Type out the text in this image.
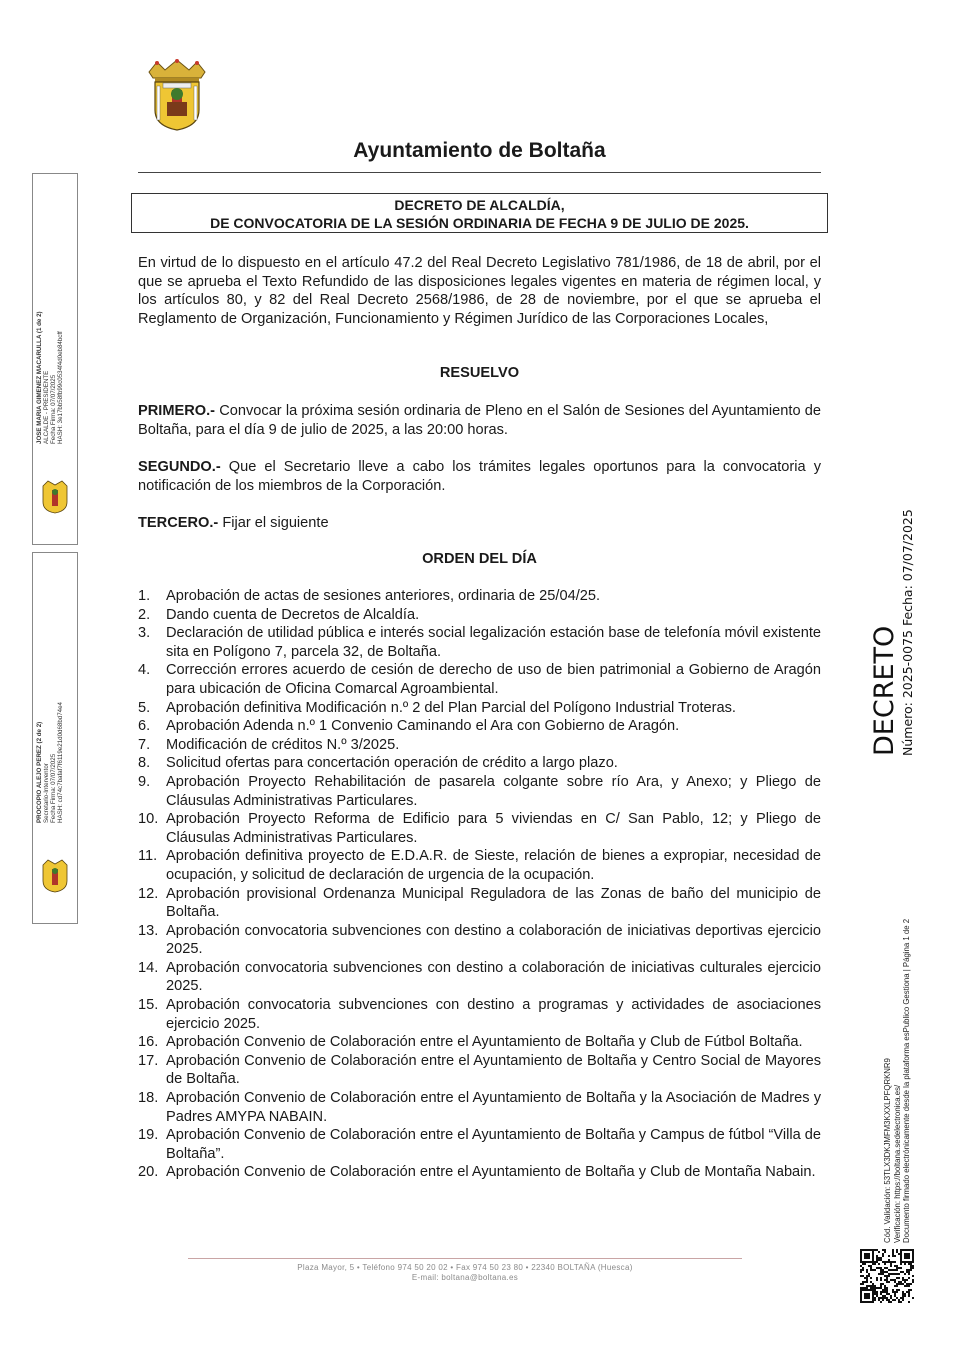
Ayuntamiento de Boltaña
DECRETO DE ALCALDÍA,
DE CONVOCATORIA DE LA SESIÓN ORDINARIA DE FECHA 9 DE JULIO DE 2025.
En virtud de lo dispuesto en el artículo 47.2 del Real Decreto Legislativo 781/1986, de 18 de abril, por el que se aprueba el Texto Refundido de las disposiciones legales vigentes en materia de régimen local, y los artículos 80, y 82 del Real Decreto 2568/1986, de 28 de noviembre, por el que se aprueba el Reglamento de Organización, Funcionamiento y Régimen Jurídico de las Corporaciones Locales,
RESUELVO
PRIMERO.- Convocar la próxima sesión ordinaria de Pleno en el Salón de Sesiones del Ayuntamiento de Boltaña, para el día 9 de julio de 2025, a las 20:00 horas.
SEGUNDO.- Que el Secretario lleve a cabo los trámites legales oportunos para la convocatoria y notificación de los miembros de la Corporación.
TERCERO.- Fijar el siguiente
ORDEN DEL DÍA
1. Aprobación de actas de sesiones anteriores, ordinaria de 25/04/25.
2. Dando cuenta de Decretos de Alcaldía.
3. Declaración de utilidad pública e interés social legalización estación base de telefonía móvil existente sita en Polígono 7, parcela 32, de Boltaña.
4. Corrección errores acuerdo de cesión de derecho de uso de bien patrimonial a Gobierno de Aragón para ubicación de Oficina Comarcal Agroambiental.
5. Aprobación definitiva Modificación n.º 2 del Plan Parcial del Polígono Industrial Troteras.
6. Aprobación Adenda n.º 1 Convenio Caminando el Ara con Gobierno de Aragón.
7. Modificación de créditos N.º 3/2025.
8. Solicitud ofertas para concertación operación de crédito a largo plazo.
9. Aprobación Proyecto Rehabilitación de pasarela colgante sobre río Ara, y Anexo; y Pliego de Cláusulas Administrativas Particulares.
10. Aprobación Proyecto Reforma de Edificio para 5 viviendas en C/ San Pablo, 12; y Pliego de Cláusulas Administrativas Particulares.
11. Aprobación definitiva proyecto de E.D.A.R. de Sieste, relación de bienes a expropiar, necesidad de ocupación, y solicitud de declaración de urgencia de la ocupación.
12. Aprobación provisional Ordenanza Municipal Reguladora de las Zonas de baño del municipio de Boltaña.
13. Aprobación convocatoria subvenciones con destino a colaboración de iniciativas deportivas ejercicio 2025.
14. Aprobación convocatoria subvenciones con destino a colaboración de iniciativas culturales ejercicio 2025.
15. Aprobación convocatoria subvenciones con destino a programas y actividades de asociaciones ejercicio 2025.
16. Aprobación Convenio de Colaboración entre el Ayuntamiento de Boltaña y Club de Fútbol Boltaña.
17. Aprobación Convenio de Colaboración entre el Ayuntamiento de Boltaña y Centro Social de Mayores de Boltaña.
18. Aprobación Convenio de Colaboración entre el Ayuntamiento de Boltaña y la Asociación de Madres y Padres AMYPA NABAIN.
19. Aprobación Convenio de Colaboración entre el Ayuntamiento de Boltaña y Campus de fútbol “Villa de Boltaña”.
20. Aprobación Convenio de Colaboración entre el Ayuntamiento de Boltaña y Club de Montaña Nabain.
Plaza Mayor, 5 • Teléfono 974 50 20 02 • Fax 974 50 23 80 • 22340 BOLTAÑA (Huesca)
E-mail: boltana@boltana.es
JOSE MARIA GIMENEZ MACARULLA (1 de 2)
ALCALDE - PRESIDENTE
Fecha Firma: 07/07/2025
HASH: 3e17bb58fb99c0534f4d0eb84bcff
PROCOPIO ALEJO PEREZ (2 de 2)
Secretario-Interventor
Fecha Firma: 07/07/2025
HASH: cd74c7bafaf7f6119e21d0d68bd74e4
DECRETO Número: 2025-0075 Fecha: 07/07/2025
Cód. Validación: 53TLX3DKJMFM3KXXLPFQRKNR9 Verificación: https://boltana.sedelectronica.es/ Documento firmado electrónicamente desde la plataforma esPublico Gestiona | Página 1 de 2
